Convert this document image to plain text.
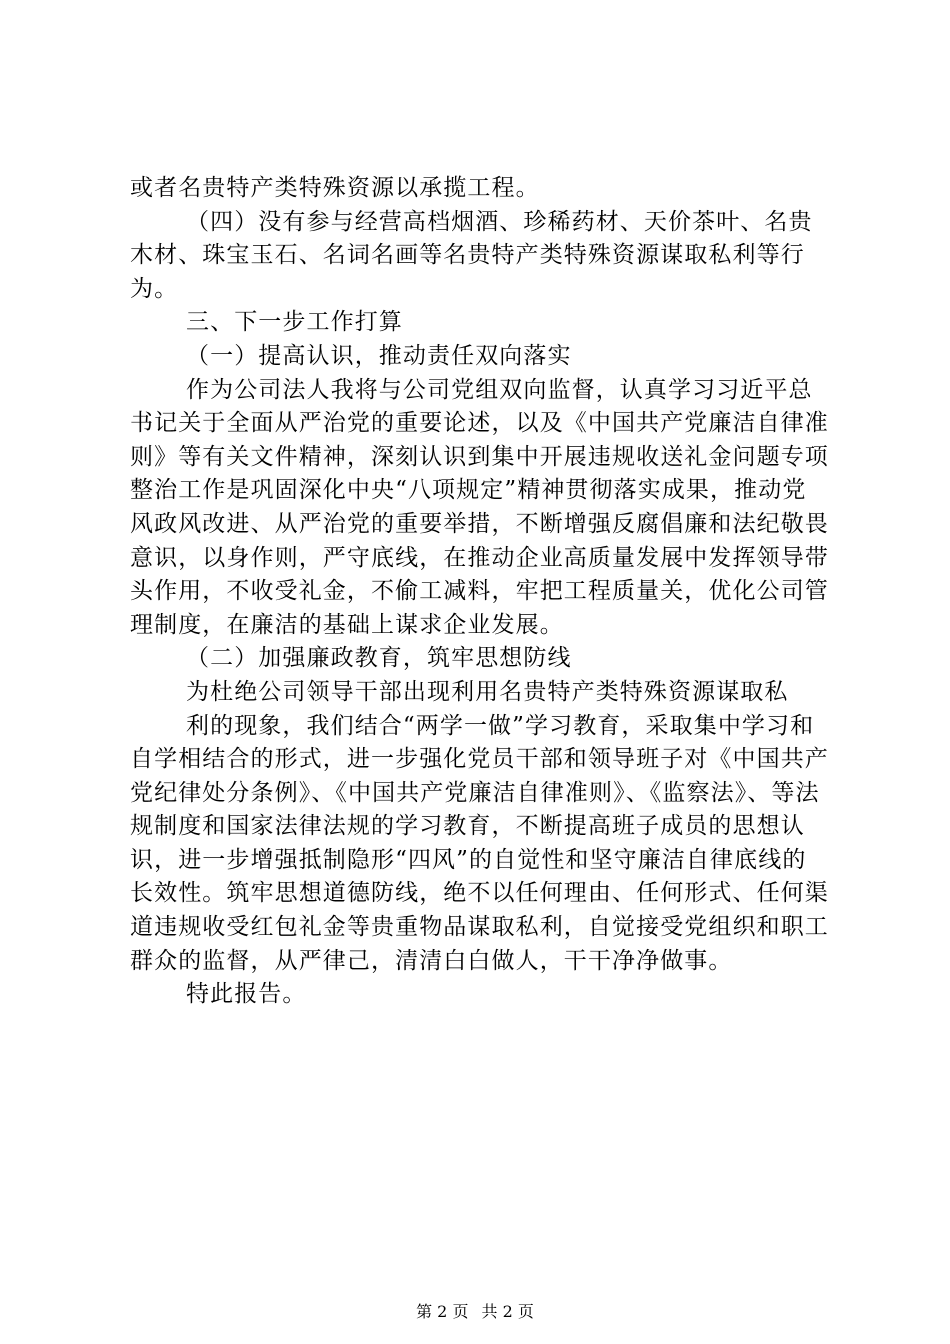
或者名贵特产类特殊资源以承揽工程。

（四）没有参与经营高档烟酒、珍稀药材、天价茶叶、名贵木材、珠宝玉石、名词名画等名贵特产类特殊资源谋取私利等行为。

三、下一步工作打算

（一）提高认识，推动责任双向落实

作为公司法人我将与公司党组双向监督，认真学习习近平总书记关于全面从严治党的重要论述，以及《中国共产党廉洁自律准则》等有关文件精神，深刻认识到集中开展违规收送礼金问题专项整治工作是巩固深化中央“八项规定”精神贯彻落实成果，推动党风政风改进、从严治党的重要举措，不断增强反腐倡廉和法纪敬畏意识，以身作则，严守底线，在推动企业高质量发展中发挥领导带头作用，不收受礼金，不偷工减料，牢把工程质量关，优化公司管理制度，在廉洁的基础上谋求企业发展。

（二）加强廉政教育，筑牢思想防线

为杜绝公司领导干部出现利用名贵特产类特殊资源谋取私

利的现象，我们结合“两学一做”学习教育，采取集中学习和自学相结合的形式，进一步强化党员干部和领导班子对《中国共产党纪律处分条例》、《中国共产党廉洁自律准则》、《监察法》、等法规制度和国家法律法规的学习教育，不断提高班子成员的思想认识，进一步增强抵制隐形“四风”的自觉性和坚守廉洁自律底线的长效性。筑牢思想道德防线，绝不以任何理由、任何形式、任何渠道违规收受红包礼金等贵重物品谋取私利，自觉接受党组织和职工群众的监督，从严律己，清清白白做人，干干净净做事。

特此报告。

第 2 页 共 2 页
